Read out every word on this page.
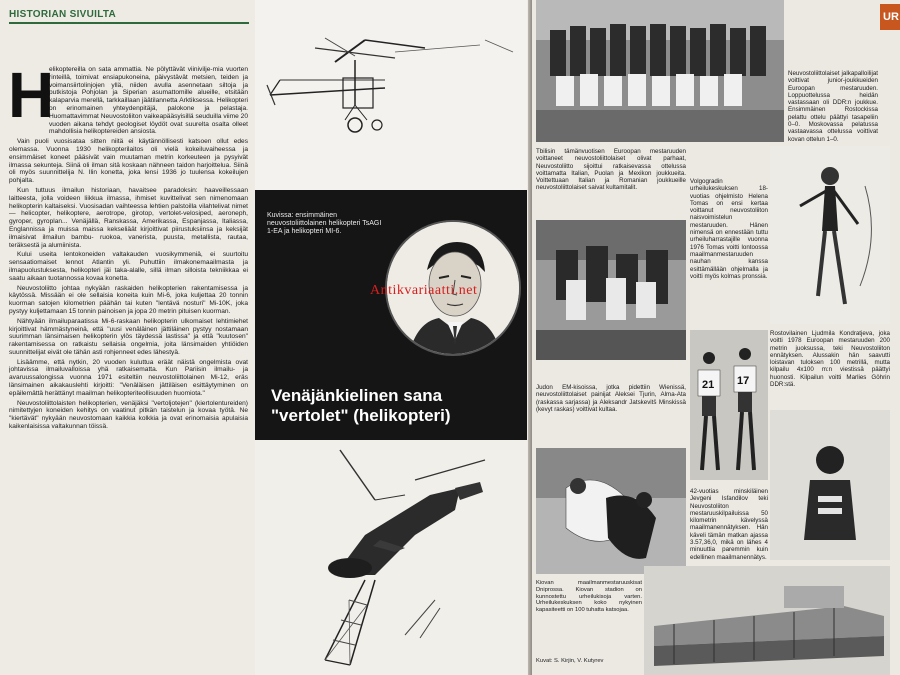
HISTORIAN SIVUILTA
H

elikoptereilla on sata ammattia. Ne pölyttävät viinivilje-mia vuorten rinteillä, toimivat ensiapukoneina, päivystävät metsien, teiden ja voimansiirtolinjojen yllä, niiden avulla asennetaan siltoja ja putkistoja Pohjolan ja Siperian asumattomille alueille, etsitään kalaparvia merellä, tarkkaillaan jäätilannetta Arktiksessa. Helikopteri on erinomainen yhteydenpitäjä, palokone ja pelastaja. Huomattavimmat Neuvostoliiton vaikeapääsyisillä seuduilla viime 20 vuoden aikana tehdyt geologiset löydöt ovat suurelta osalta olleet mahdollisia helikoptereiden ansiosta.

Vain puoli vuosisataa sitten niitä ei käytännöllisesti katsoen ollut edes olemassa. Vuonna 1930 helikopterilaitos oli vielä kokeiluvaiheessa ja ensimmäiset koneet pääsivät vain muutaman metrin korkeuteen ja pysyivät ilmassa sekunteja. Siinä oli ilman sitä koskaan nähneen taidon harjoittelua. Siinä oli myös suunnittelija N. Ilin konetta, joka lensi 1936 jo tuulensa kokeilujen pohjalta.

Kun tuttuus ilmailun historiaan, havaitsee paradoksin: haaveillessaan laitteesta, jolla voideen liikkua ilmassa, ihmiset kuvittelivat sen nimenomaan helikopterin kaltaiseksi. Vuosisadan vaihteessa lehtien palstoilla vilahtelivat nimet — helicopter, helikoptere, aerotrope, girotop, vertolet-velosiped, aeroneph, gyroper, gyroplan... Venäjällä, Ranskassa, Amerikassa, Espanjassa, Italiassa, Englannissa ja muissa maissa kekseliäät kirjoittivat piirustuksiinsa ja keksijät ilmaisivat ilmailun bambu- ruokoa, vanerista, puusta, metallista, rautaa, teräksestä ja alumiinista.

Kului useita lentokoneiden valtakauden vuosikymmeniä, ei suurtoitu sensaatiomaiset lennot Atlantin yli. Puhuttiin ilmakonemaailmasta ja ilmapuolustuksesta, helikopteri jäi taka-alalle, sillä ilman silloista tekniikkaa ei saatu aikaan tuotannossa kovaa konetta.

Neuvostoliitto johtaa nykyään raskaiden helikopterien rakentamisessa ja käytössä. Missään ei ole sellaisia koneita kuin Mi-6, joka kuljettaa 20 tonnin kuorman satojen kilometrien päähän tai kuten "lentävä nosturi" Mi-10K, joka pystyy kuljettamaan 15 tonnin painoisen ja jopa 20 metrin pituisen kuorman.

Nähtyään ilmailuparaatissa Mi-6-raskaan helikopterin ulkomaiset lehtimiehet kirjoittivat hämmästyneinä, että "uusi venäläinen jättiläinen pystyy nostamaan suurimman länsimaisen helikopterin ylös täydessä lastissa" ja että "kuutosen" rakentamisessa on ratkaistu sellaisia ongelmia, joita länsimaiden yhtiöiden suunnittelijat eivät ole tähän asti rohjenneet edes lähestyä.

Lisäämme, että nytkin, 20 vuoden kuluttua eräät näistä ongelmista ovat johtavissa ilmailuvalloissa yhä ratkaisematta. Kun Pariisin ilmailu- ja avaruussalongissa vuonna 1971 esiteltiin neuvostoliittolainen Mi-12, eräs länsimainen aikakauslehti kirjoitti: "Venäläisen jättiläisen esittäytyminen on epäilemättä herättänyt maailman helikopteriteollisuuden huomiota."

Neuvostoliittolaisten helikopterien, venäjäksi "vertoljotejen" (kiertolentureiden) nimitettyjen koneiden kehitys on vaatinut pitkän taistelun ja kovaa työtä. Ne "kiertävät" nykyään neuvostomaan kaikkia kolkkia ja ovat erinomaisia apulaisia kaikenlaisissa valtakunnan töissä.

Kuvissa: ensimmäinen neuvostoliittolainen helikopteri TsAGI 1-EA ja helikopteri MI-6.
Venäjänkielinen sana
"vertolet" (helikopteri)
UR
Neuvostoliittolaiset jalkapalloilijat voittivat junior-joukkueiden Euroopan mestaruuden. Loppuottelussa heidän vastassaan oli DDR:n joukkue. Ensimmäinen Rostockissa pelattu ottelu päättyi tasapeliin 0–0. Moskovassa pelatussa vastaavassa ottelussa voittivat kovan ottelun 1–0.
Tbilisin tämänvuotisen Euroopan mestaruuden voittaneet neuvostoliittolaiset olivat parhaat, Neuvostoliitto sijoittui ratkaisevassa ottelussa voittamatta Italian, Puolan ja Mexikon joukkueita. Voittettuaan Italian ja Romanian joukkueille neuvostoliittolaiset saivat kultamitalit.
Volgogradin urheilukeskuksen 18-vuotias ohjelmisto Helena Tomas on ensi kertaa voittanut neuvostoliiton naisvoimistelun mestaruuden. Hänen nimensä on ennestään tuttu urheiluharrastajille vuonna 1976 Tomas voitti lontoossa maailmanmestaruuden nauhan kanssa esittämällään ohjelmalla ja voitti myös kolmas pronssia.
21 17
Rostovilainen Ljudmila Kondratjeva, joka voitti 1978 Euroopan mestaruuden 200 metrin juoksussa, teki Neuvostoliiton ennätyksen. Alussakin hän saavutti loistavan tuloksen 100 metrillä, mutta kilpailu 4x100 m:n viestissä päättyi huonosti. Kilpailun voitti Marlies Göhrin DDR:stä.
Judon EM-kisoissa, jotka pidettiin Wienissä, neuvostoliittolaiset painijat Aleksei Tjurin, Alma-Ata (raskassa sarjassa) ja Aleksandr Jatskevitš Minskissä (kevyt raskas) voittivat kultaa.
42-vuotias minskiläinen Jevgeni Isfandilov teki Neuvostoliiton mestaruuskilpailuissa 50 kilometrin kävelyssä maailmanennätyksen. Hän käveli tämän matkan ajassa 3.57,36,0, mikä on lähes 4 minuuttia paremmin kuin edellinen maailmanennätys.
Kiovan maailmanmestaruuskisat Dniprossa. Kiovan stadion on kunnostettu urheilukisoja varten. Urheilukeskuksen koko nykyinen kapasiteetti on 100 tuhatta katsojaa.
Kuvat: S. Kirjin, V. Kutyrev
Antikvariaatti.net
